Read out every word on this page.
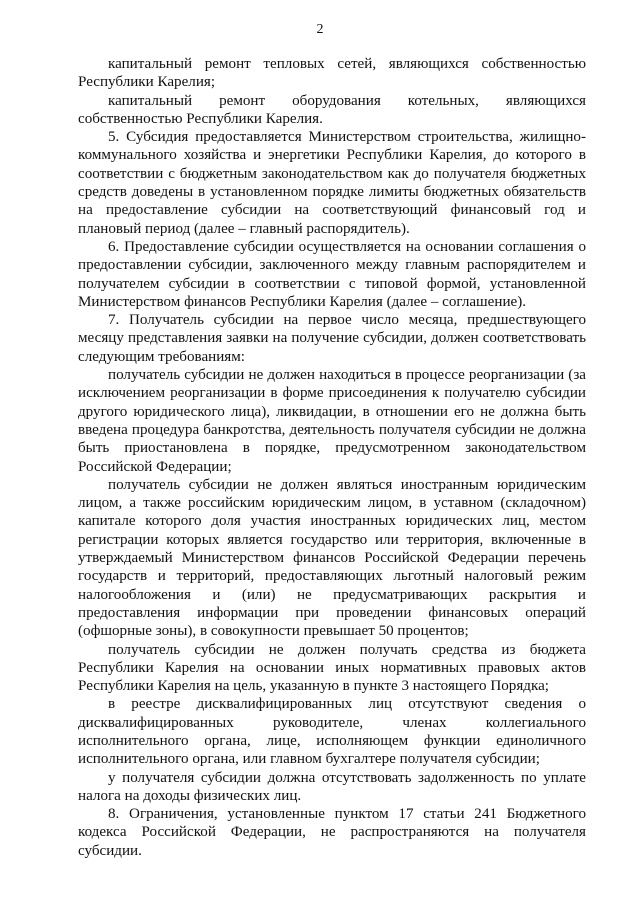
2

капитальный ремонт тепловых сетей, являющихся собственностью Республики Карелия;

капитальный ремонт оборудования котельных, являющихся собственностью Республики Карелия.

5. Субсидия предоставляется Министерством строительства, жилищно-коммунального хозяйства и энергетики Республики Карелия, до которого в соответствии с бюджетным законодательством как до получателя бюджетных средств доведены в установленном порядке лимиты бюджетных обязательств на предоставление субсидии на соответствующий финансовый год и плановый период (далее – главный распорядитель).

6. Предоставление субсидии осуществляется на основании соглашения о предоставлении субсидии, заключенного между главным распорядителем и получателем субсидии в соответствии с типовой формой, установленной Министерством финансов Республики Карелия (далее – соглашение).

7. Получатель субсидии на первое число месяца, предшествующего месяцу представления заявки на получение субсидии, должен соответствовать следующим требованиям:

получатель субсидии не должен находиться в процессе реорганизации (за исключением реорганизации в форме присоединения к получателю субсидии другого юридического лица), ликвидации, в отношении его не должна быть введена процедура банкротства, деятельность получателя субсидии не должна быть приостановлена в порядке, предусмотренном законодательством Российской Федерации;

получатель субсидии не должен являться иностранным юридическим лицом, а также российским юридическим лицом, в уставном (складочном) капитале которого доля участия иностранных юридических лиц, местом регистрации которых является государство или территория, включенные в утверждаемый Министерством финансов Российской Федерации перечень государств и территорий, предоставляющих льготный налоговый режим налогообложения и (или) не предусматривающих раскрытия и предоставления информации при проведении финансовых операций (офшорные зоны), в совокупности превышает 50 процентов;

получатель субсидии не должен получать средства из бюджета Республики Карелия на основании иных нормативных правовых актов Республики Карелия на цель, указанную в пункте 3 настоящего Порядка;

в реестре дисквалифицированных лиц отсутствуют сведения о дисквалифицированных руководителе, членах коллегиального исполнительного органа, лице, исполняющем функции единоличного исполнительного органа, или главном бухгалтере получателя субсидии;

у получателя субсидии должна отсутствовать задолженность по уплате налога на доходы физических лиц.

8. Ограничения, установленные пунктом 17 статьи 241 Бюджетного кодекса Российской Федерации, не распространяются на получателя субсидии.
